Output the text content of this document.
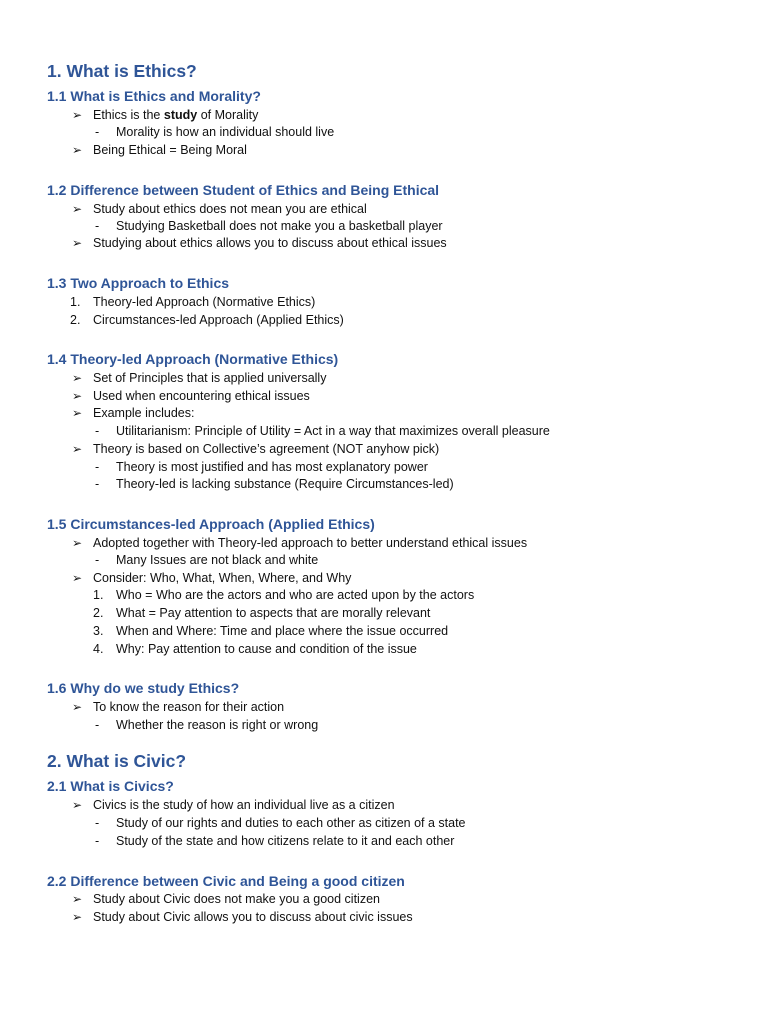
1. What is Ethics?
1.1 What is Ethics and Morality?
➢ Ethics is the study of Morality
- Morality is how an individual should live
➢ Being Ethical = Being Moral
1.2 Difference between Student of Ethics and Being Ethical
➢ Study about ethics does not mean you are ethical
- Studying Basketball does not make you a basketball player
➢ Studying about ethics allows you to discuss about ethical issues
1.3 Two Approach to Ethics
1. Theory-led Approach (Normative Ethics)
2. Circumstances-led Approach (Applied Ethics)
1.4 Theory-led Approach (Normative Ethics)
➢ Set of Principles that is applied universally
➢ Used when encountering ethical issues
➢ Example includes:
- Utilitarianism: Principle of Utility = Act in a way that maximizes overall pleasure
➢ Theory is based on Collective’s agreement (NOT anyhow pick)
- Theory is most justified and has most explanatory power
- Theory-led is lacking substance (Require Circumstances-led)
1.5 Circumstances-led Approach (Applied Ethics)
➢ Adopted together with Theory-led approach to better understand ethical issues
- Many Issues are not black and white
➢ Consider: Who, What, When, Where, and Why
1. Who = Who are the actors and who are acted upon by the actors
2. What = Pay attention to aspects that are morally relevant
3. When and Where: Time and place where the issue occurred
4. Why: Pay attention to cause and condition of the issue
1.6 Why do we study Ethics?
➢ To know the reason for their action
- Whether the reason is right or wrong
2. What is Civic?
2.1 What is Civics?
➢ Civics is the study of how an individual live as a citizen
- Study of our rights and duties to each other as citizen of a state
- Study of the state and how citizens relate to it and each other
2.2 Difference between Civic and Being a good citizen
➢ Study about Civic does not make you a good citizen
➢ Study about Civic allows you to discuss about civic issues
